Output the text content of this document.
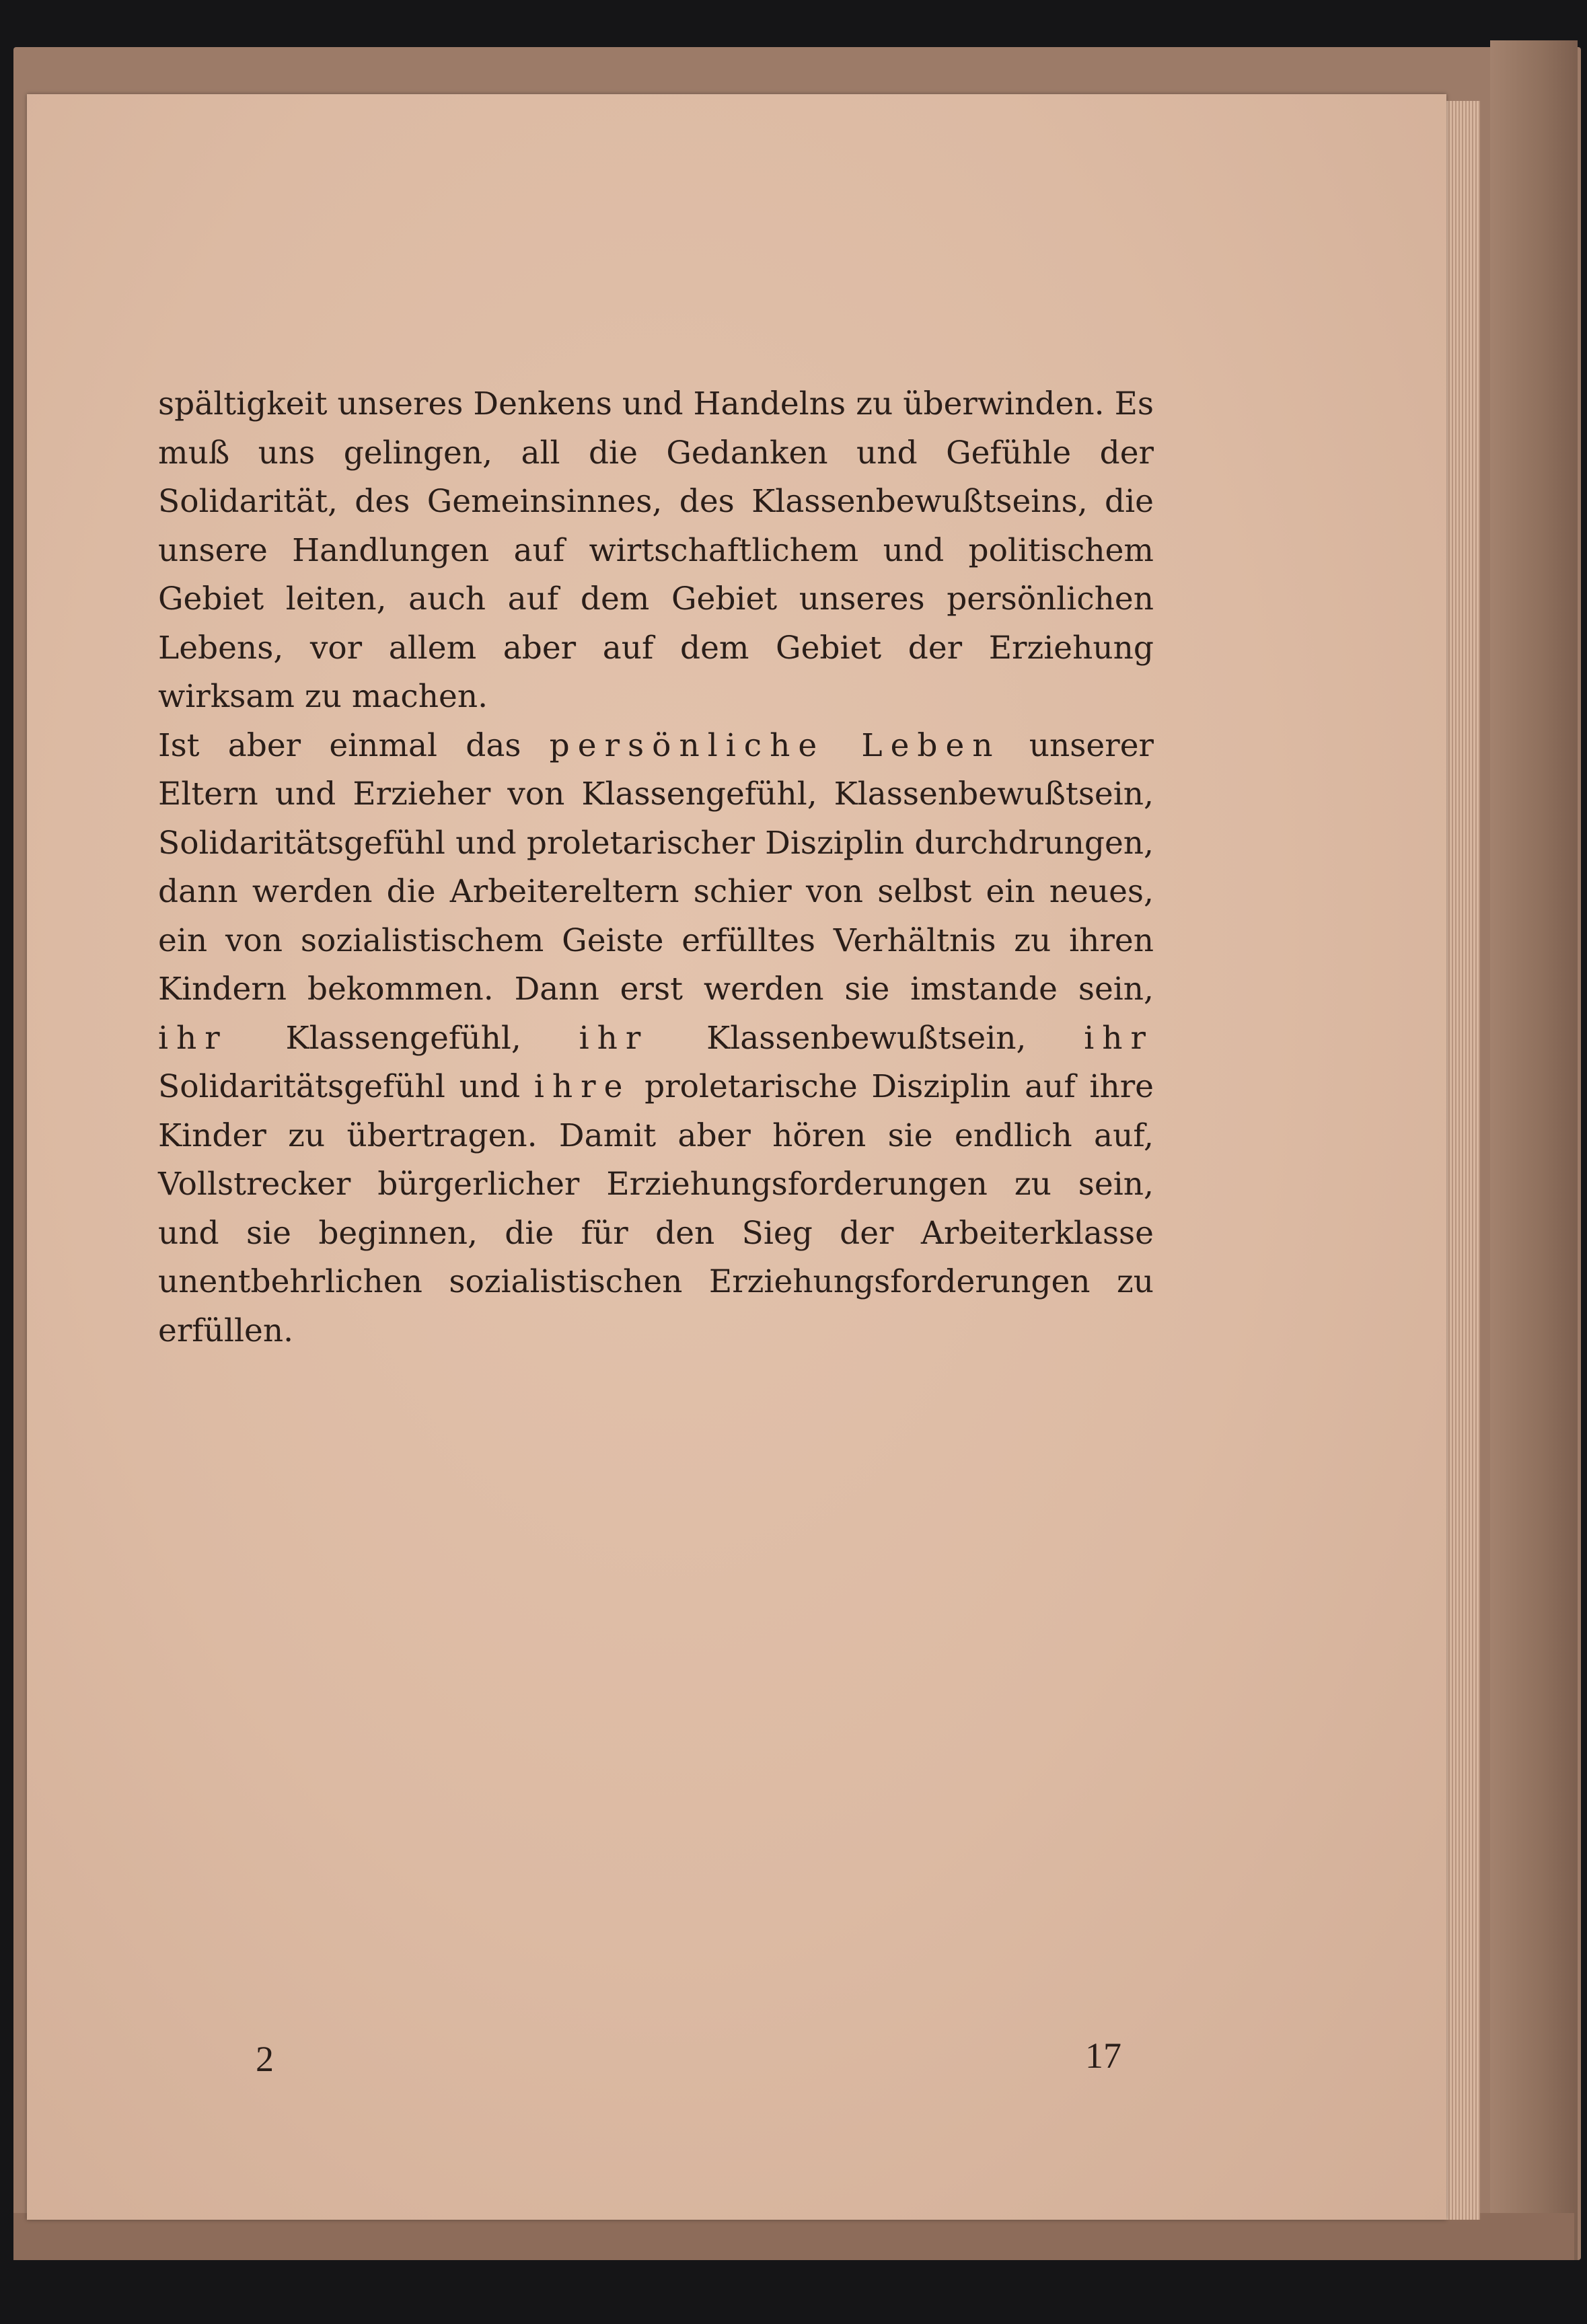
spältigkeit unseres Denkens und Handelns zu überwinden. Es muß uns gelingen, all die Gedanken und Gefühle der Solidarität, des Gemeinsinnes, des Klassenbewußtseins, die unsere Handlungen auf wirtschaftlichem und politischem Gebiet leiten, auch auf dem Gebiet unseres persönlichen Lebens, vor allem aber auf dem Gebiet der Erziehung wirksam zu machen.

Ist aber einmal das persönliche Leben unserer Eltern und Erzieher von Klassengefühl, Klassenbewußtsein, Solidaritätsgefühl und proletarischer Disziplin durchdrungen, dann werden die Arbeitereltern schier von selbst ein neues, ein von sozialistischem Geiste erfülltes Verhältnis zu ihren Kindern bekommen. Dann erst werden sie imstande sein, ihr Klassengefühl, ihr Klassenbewußtsein, ihr Solidaritätsgefühl und ihre proletarische Disziplin auf ihre Kinder zu übertragen. Damit aber hören sie endlich auf, Vollstrecker bürgerlicher Erziehungsforderungen zu sein, und sie beginnen, die für den Sieg der Arbeiterklasse unentbehrlichen sozialistischen Erziehungsforderungen zu erfüllen.

2	17
